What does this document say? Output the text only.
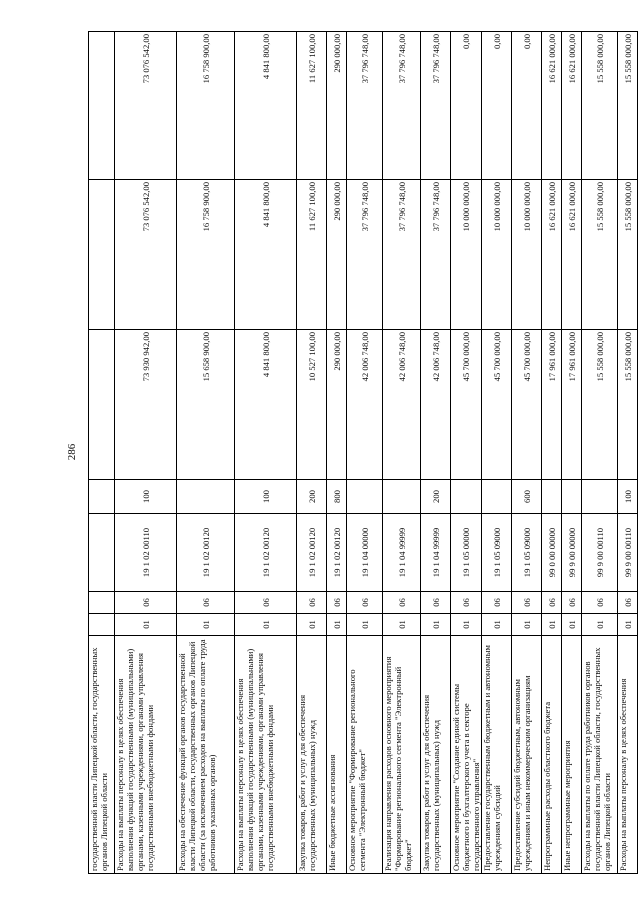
286
государственной власти Липецкой области, государственных органов Липецкой области							
Расходы на выплаты персоналу в целях обеспечения выполнения функций государственными (муниципальными) органами, казенными учреждениями, органами управления государственными внебюджетными фондами	01	06	19 1 02 00110	100	73 930 942,00	73 076 542,00	73 076 542,00
Расходы на обеспечение функций органов государственной власти Липецкой области, государственных органов Липецкой области (за исключением расходов на выплаты по оплате труда работников указанных органов)	01	06	19 1 02 00120		15 658 900,00	16 758 900,00	16 758 900,00
Расходы на выплаты персоналу в целях обеспечения выполнения функций государственными (муниципальными) органами, казенными учреждениями, органами управления государственными внебюджетными фондами	01	06	19 1 02 00120	100	4 841 800,00	4 841 800,00	4 841 800,00
Закупка товаров, работ и услуг для обеспечения государственных (муниципальных) нужд	01	06	19 1 02 00120	200	10 527 100,00	11 627 100,00	11 627 100,00
Иные бюджетные ассигнования	01	06	19 1 02 00120	800	290 000,00	290 000,00	290 000,00
Основное мероприятие "Формирование регионального сегмента "Электронный бюджет"	01	06	19 1 04 00000		42 006 748,00	37 796 748,00	37 796 748,00
Реализация направления расходов основного мероприятия "Формирование регионального сегмента "Электронный бюджет"	01	06	19 1 04 99999		42 006 748,00	37 796 748,00	37 796 748,00
Закупка товаров, работ и услуг для обеспечения государственных (муниципальных) нужд	01	06	19 1 04 99999	200	42 006 748,00	37 796 748,00	37 796 748,00
Основное мероприятие "Создание единой системы бюджетного и бухгалтерского учета в секторе государственного управления"	01	06	19 1 05 00000		45 700 000,00	10 000 000,00	0,00
Предоставление государственным бюджетным и автономным учреждениям субсидий	01	06	19 1 05 09000		45 700 000,00	10 000 000,00	0,00
Предоставление субсидий бюджетным, автономным учреждениям и иным некоммерческим организациям	01	06	19 1 05 09000	600	45 700 000,00	10 000 000,00	0,00
Непрограммные расходы областного бюджета	01	06	99 0 00 00000		17 961 000,00	16 621 000,00	16 621 000,00
Иные непрограммные мероприятия	01	06	99 9 00 00000		17 961 000,00	16 621 000,00	16 621 000,00
Расходы на выплаты по оплате труда работников органов государственной власти Липецкой области, государственных органов Липецкой области	01	06	99 9 00 00110		15 558 000,00	15 558 000,00	15 558 000,00
Расходы на выплаты персоналу в целях обеспечения	01	06	99 9 00 00110	100	15 558 000,00	15 558 000,00	15 558 000,00
